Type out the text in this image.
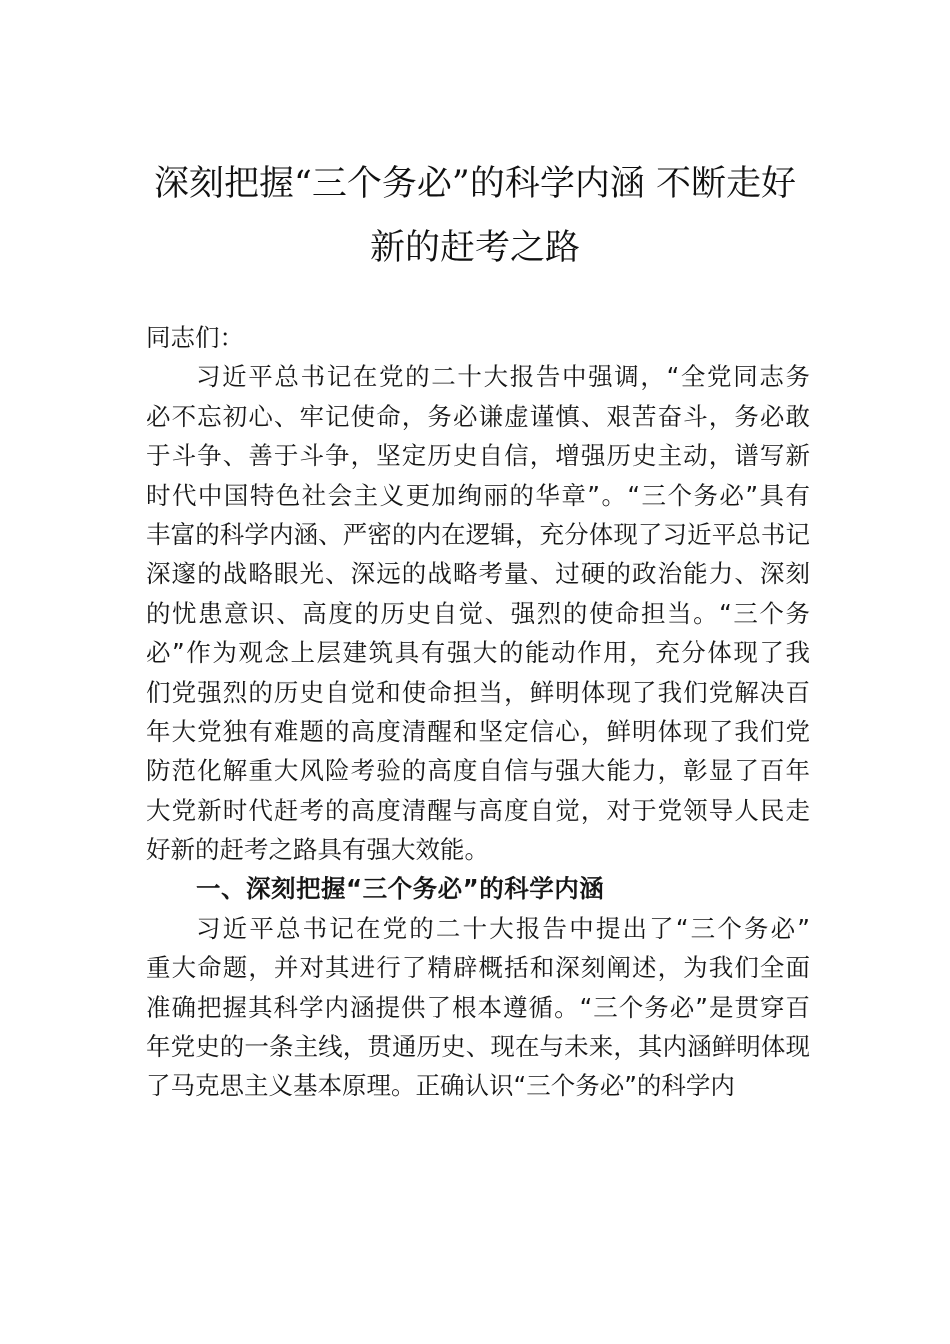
深刻把握“三个务必”的科学内涵 不断走好
新的赶考之路
同志们：
习近平总书记在党的二十大报告中强调，“全党同志务
必不忘初心、牢记使命，务必谦虚谨慎、艰苦奋斗，务必敢
于斗争、善于斗争，坚定历史自信，增强历史主动，谱写新
时代中国特色社会主义更加绚丽的华章”。“三个务必”具有
丰富的科学内涵、严密的内在逻辑，充分体现了习近平总书记
深邃的战略眼光、深远的战略考量、过硬的政治能力、深刻
的忧患意识、高度的历史自觉、强烈的使命担当。“三个务
必”作为观念上层建筑具有强大的能动作用，充分体现了我
们党强烈的历史自觉和使命担当，鲜明体现了我们党解决百
年大党独有难题的高度清醒和坚定信心，鲜明体现了我们党
防范化解重大风险考验的高度自信与强大能力，彰显了百年
大党新时代赶考的高度清醒与高度自觉，对于党领导人民走
好新的赶考之路具有强大效能。
一、深刻把握“三个务必”的科学内涵
习近平总书记在党的二十大报告中提出了“三个务必”
重大命题，并对其进行了精辟概括和深刻阐述，为我们全面
准确把握其科学内涵提供了根本遵循。“三个务必”是贯穿百
年党史的一条主线，贯通历史、现在与未来，其内涵鲜明体现
了马克思主义基本原理。正确认识“三个务必”的科学内
